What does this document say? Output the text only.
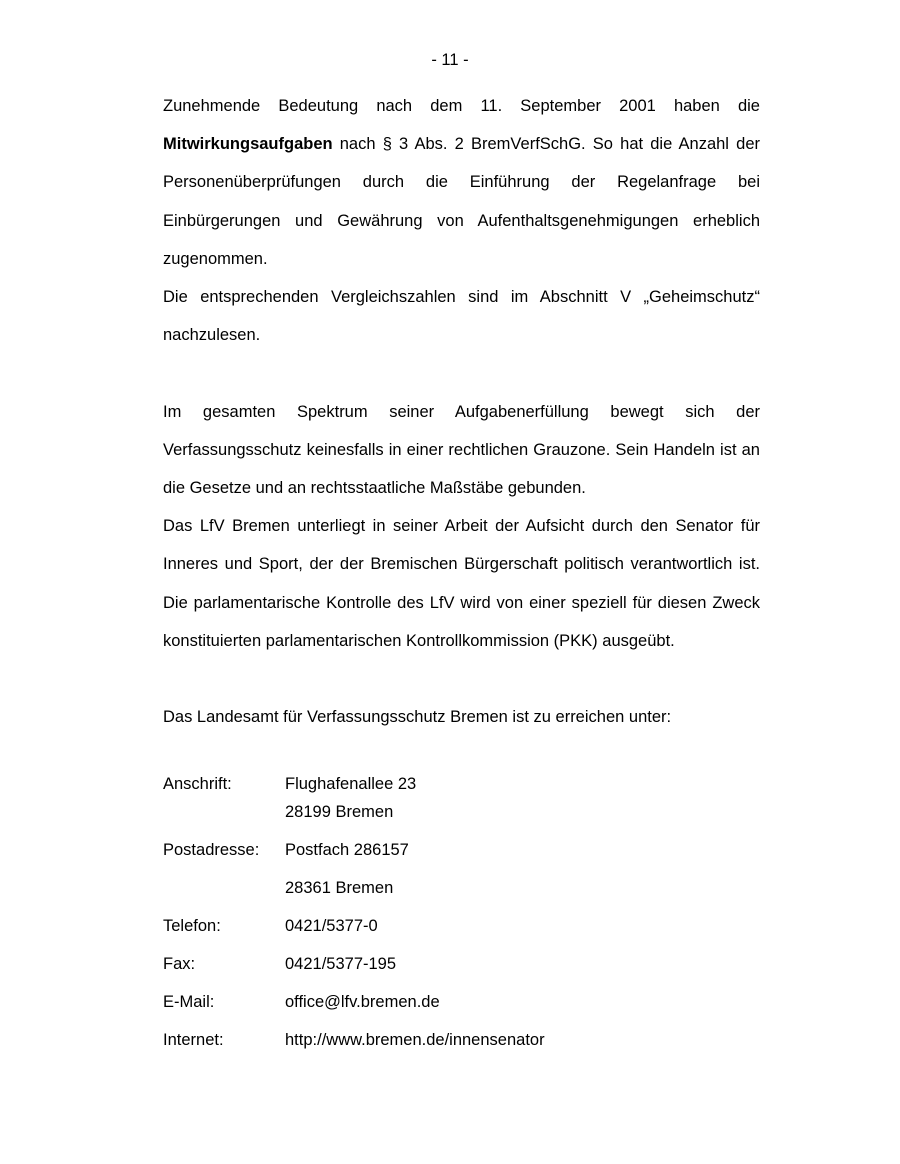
- 11 -

Zunehmende Bedeutung nach dem 11. September 2001 haben die Mitwirkungsaufgaben nach § 3 Abs. 2 BremVerfSchG. So hat die Anzahl der Personenüberprüfungen durch die Einführung der Regelanfrage bei Einbürgerungen und Gewährung von Aufenthaltsgenehmigungen erheblich zugenommen.

Die entsprechenden Vergleichszahlen sind im Abschnitt V „Geheimschutz“ nachzulesen.

Im gesamten Spektrum seiner Aufgabenerfüllung bewegt sich der Verfassungsschutz keinesfalls in einer rechtlichen Grauzone. Sein Handeln ist an die Gesetze und an rechtsstaatliche Maßstäbe gebunden.

Das LfV Bremen unterliegt in seiner Arbeit der Aufsicht durch den Senator für Inneres und Sport, der der Bremischen Bürgerschaft politisch verantwortlich ist. Die parlamentarische Kontrolle des LfV wird von einer speziell für diesen Zweck konstituierten parlamentarischen Kontrollkommission (PKK) ausgeübt.

Das Landesamt für Verfassungsschutz Bremen ist zu erreichen unter:

Anschrift:	Flughafenallee 23
28199 Bremen
Postadresse: Postfach 286157
28361 Bremen
Telefon:	0421/5377-0
Fax:	0421/5377-195
E-Mail:	office@lfv.bremen.de
Internet:	http://www.bremen.de/innensenator
